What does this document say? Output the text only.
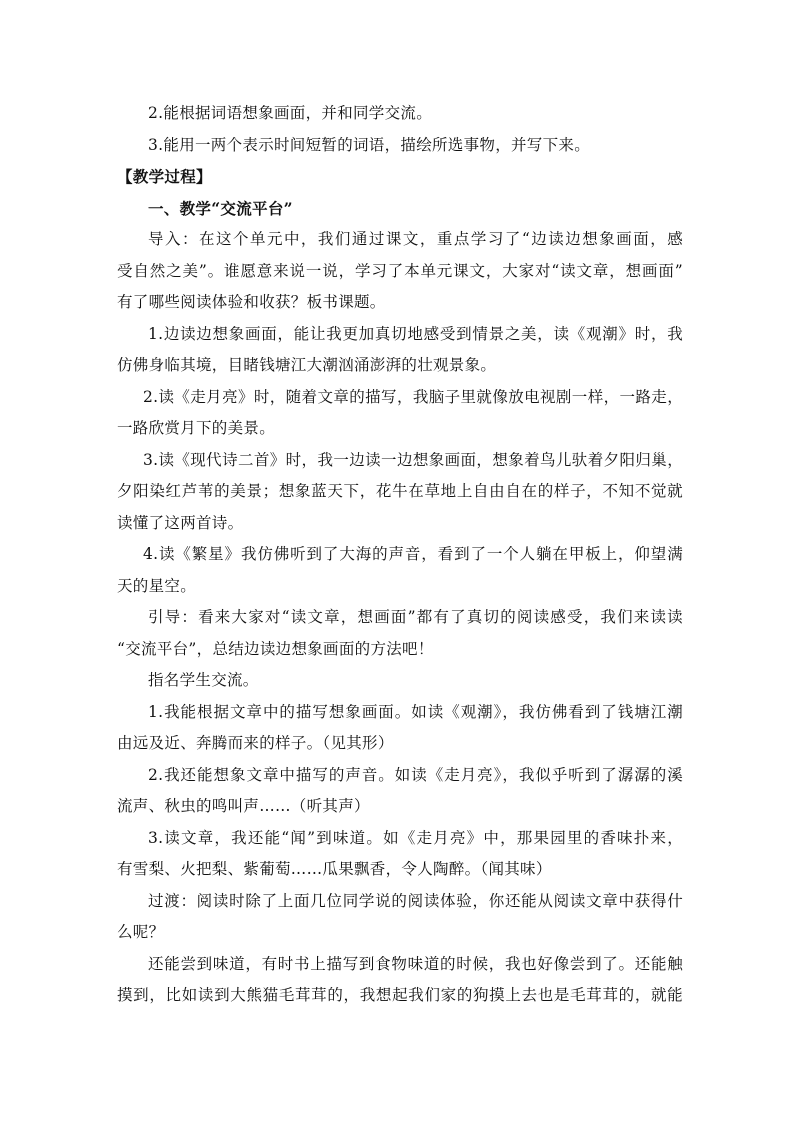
2.能根据词语想象画面，并和同学交流。
3.能用一两个表示时间短暂的词语，描绘所选事物，并写下来。
【教学过程】
一、教学“交流平台”
导入：在这个单元中，我们通过课文，重点学习了“边读边想象画面，感
受自然之美”。谁愿意来说一说，学习了本单元课文，大家对“读文章，想画面”
有了哪些阅读体验和收获？板书课题。
1.边读边想象画面，能让我更加真切地感受到情景之美，读《观潮》时，我
仿佛身临其境，目睹钱塘江大潮汹涌澎湃的壮观景象。
2.读《走月亮》时，随着文章的描写，我脑子里就像放电视剧一样，一路走，
一路欣赏月下的美景。
3.读《现代诗二首》时，我一边读一边想象画面，想象着鸟儿驮着夕阳归巢，
夕阳染红芦苇的美景；想象蓝天下，花牛在草地上自由自在的样子，不知不觉就
读懂了这两首诗。
4.读《繁星》我仿佛听到了大海的声音，看到了一个人躺在甲板上，仰望满
天的星空。
引导：看来大家对“读文章，想画面”都有了真切的阅读感受，我们来读读
“交流平台”，总结边读边想象画面的方法吧！
指名学生交流。
1.我能根据文章中的描写想象画面。如读《观潮》，我仿佛看到了钱塘江潮
由远及近、奔腾而来的样子。（见其形）
2.我还能想象文章中描写的声音。如读《走月亮》，我似乎听到了潺潺的溪
流声、秋虫的鸣叫声……（听其声）
3.读文章，我还能“闻”到味道。如《走月亮》中，那果园里的香味扑来，
有雪梨、火把梨、紫葡萄……瓜果飘香，令人陶醉。（闻其味）
过渡：阅读时除了上面几位同学说的阅读体验，你还能从阅读文章中获得什
么呢？
还能尝到味道，有时书上描写到食物味道的时候，我也好像尝到了。还能触
摸到，比如读到大熊猫毛茸茸的，我想起我们家的狗摸上去也是毛茸茸的，就能
